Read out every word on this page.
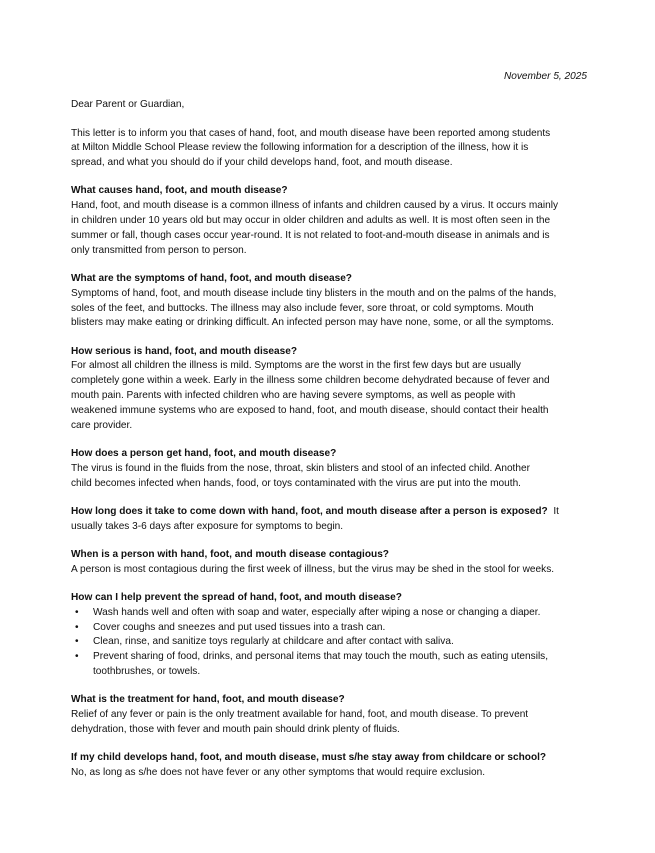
November 5, 2025
Dear Parent or Guardian,
This letter is to inform you that cases of hand, foot, and mouth disease have been reported among students
at Milton Middle School Please review the following information for a description of the illness, how it is
spread, and what you should do if your child develops hand, foot, and mouth disease.
What causes hand, foot, and mouth disease?
Hand, foot, and mouth disease is a common illness of infants and children caused by a virus. It occurs mainly
in children under 10 years old but may occur in older children and adults as well. It is most often seen in the
summer or fall, though cases occur year-round. It is not related to foot-and-mouth disease in animals and is
only transmitted from person to person.
What are the symptoms of hand, foot, and mouth disease?
Symptoms of hand, foot, and mouth disease include tiny blisters in the mouth and on the palms of the hands,
soles of the feet, and buttocks. The illness may also include fever, sore throat, or cold symptoms. Mouth
blisters may make eating or drinking difficult. An infected person may have none, some, or all the symptoms.
How serious is hand, foot, and mouth disease?
For almost all children the illness is mild. Symptoms are the worst in the first few days but are usually
completely gone within a week. Early in the illness some children become dehydrated because of fever and
mouth pain. Parents with infected children who are having severe symptoms, as well as people with
weakened immune systems who are exposed to hand, foot, and mouth disease, should contact their health
care provider.
How does a person get hand, foot, and mouth disease?
The virus is found in the fluids from the nose, throat, skin blisters and stool of an infected child. Another
child becomes infected when hands, food, or toys contaminated with the virus are put into the mouth.
How long does it take to come down with hand, foot, and mouth disease after a person is exposed?  It
usually takes 3-6 days after exposure for symptoms to begin.
When is a person with hand, foot, and mouth disease contagious?
A person is most contagious during the first week of illness, but the virus may be shed in the stool for weeks.
How can I help prevent the spread of hand, foot, and mouth disease?
• Wash hands well and often with soap and water, especially after wiping a nose or changing a diaper.
• Cover coughs and sneezes and put used tissues into a trash can.
• Clean, rinse, and sanitize toys regularly at childcare and after contact with saliva.
• Prevent sharing of food, drinks, and personal items that may touch the mouth, such as eating utensils,
toothbrushes, or towels.
What is the treatment for hand, foot, and mouth disease?
Relief of any fever or pain is the only treatment available for hand, foot, and mouth disease. To prevent
dehydration, those with fever and mouth pain should drink plenty of fluids.
If my child develops hand, foot, and mouth disease, must s/he stay away from childcare or school?
No, as long as s/he does not have fever or any other symptoms that would require exclusion.
